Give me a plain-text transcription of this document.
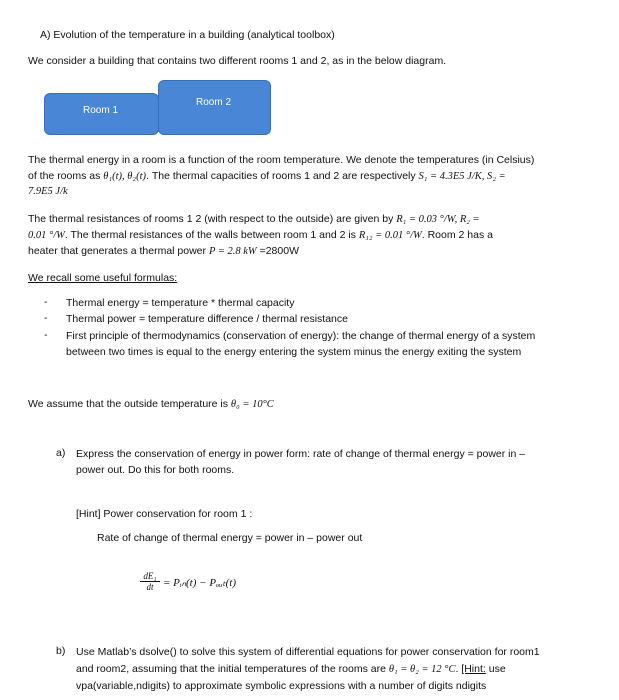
A) Evolution of the temperature in a building (analytical toolbox)
We consider a building that contains two different rooms 1 and 2, as in the below diagram.
Room 1
Room 2
The thermal energy in a room is a function of the room temperature. We denote the temperatures (in Celsius)
of the rooms as θ₁(t), θ₂(t). The thermal capacities of rooms 1 and 2 are respectively S₁ = 4.3E5 J/K, S₂ =
7.9E5 J/k
The thermal resistances of rooms 1 2 (with respect to the outside) are given by R₁ = 0.03 °/W, R₂ =
0.01 °/W. The thermal resistances of the walls between room 1 and 2 is R₁₂ = 0.01 °/W. Room 2 has a
heater that generates a thermal power P = 2.8 kW =2800W
We recall some useful formulas:
- Thermal energy = temperature * thermal capacity
- Thermal power = temperature difference / thermal resistance
- First principle of thermodynamics (conservation of energy): the change of thermal energy of a system
between two times is equal to the energy entering the system minus the energy exiting the system
We assume that the outside temperature is θ₀ = 10°C
a) Express the conservation of energy in power form: rate of change of thermal energy = power in –
power out. Do this for both rooms.
[Hint] Power conservation for room 1 :
Rate of change of thermal energy = power in – power out
$\frac{\text{dE₁}}{dt}$ = Pᵢₙ(t) − Pₒᵤₜ(t)
b) Use Matlab’s dsolve() to solve this system of differential equations for power conservation for room1
and room2, assuming that the initial temperatures of the rooms are θ₁ = θ₂ = 12 °C. [Hint: use
vpa(variable,ndigits) to approximate symbolic expressions with a number of digits ndigits
